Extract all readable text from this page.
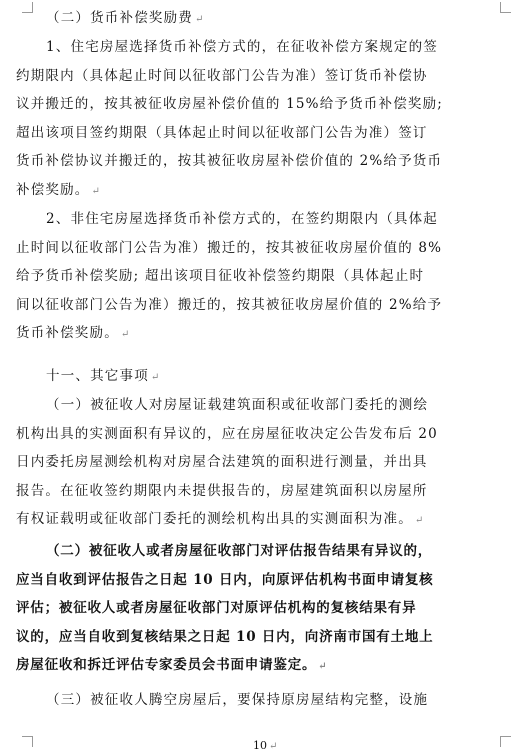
（二）货币补偿奖励费 ↵

1、住宅房屋选择货币补偿方式的，在征收补偿方案规定的签
约期限内（具体起止时间以征收部门公告为准）签订货币补偿协
议并搬迁的，按其被征收房屋补偿价值的 15%给予货币补偿奖励;
超出该项目签约期限（具体起止时间以征收部门公告为准）签订
货币补偿协议并搬迁的，按其被征收房屋补偿价值的 2%给予货币
补偿奖励。 ↵

2、非住宅房屋选择货币补偿方式的，在签约期限内（具体起
止时间以征收部门公告为准）搬迁的，按其被征收房屋价值的 8%
给予货币补偿奖励; 超出该项目征收补偿签约期限（具体起止时
间以征收部门公告为准）搬迁的，按其被征收房屋价值的 2%给予
货币补偿奖励。 ↵

十一、其它事项 ↵

（一）被征收人对房屋证载建筑面积或征收部门委托的测绘
机构出具的实测面积有异议的，应在房屋征收决定公告发布后 20
日内委托房屋测绘机构对房屋合法建筑的面积进行测量，并出具
报告。在征收签约期限内未提供报告的，房屋建筑面积以房屋所
有权证载明或征收部门委托的测绘机构出具的实测面积为准。 ↵

（二）被征收人或者房屋征收部门对评估报告结果有异议的，
应当自收到评估报告之日起 10 日内，向原评估机构书面申请复核
评估；被征收人或者房屋征收部门对原评估机构的复核结果有异
议的，应当自收到复核结果之日起 10 日内，向济南市国有土地上
房屋征收和拆迁评估专家委员会书面申请鉴定。 ↵

（三）被征收人腾空房屋后，要保持原房屋结构完整，设施

10 ↵
